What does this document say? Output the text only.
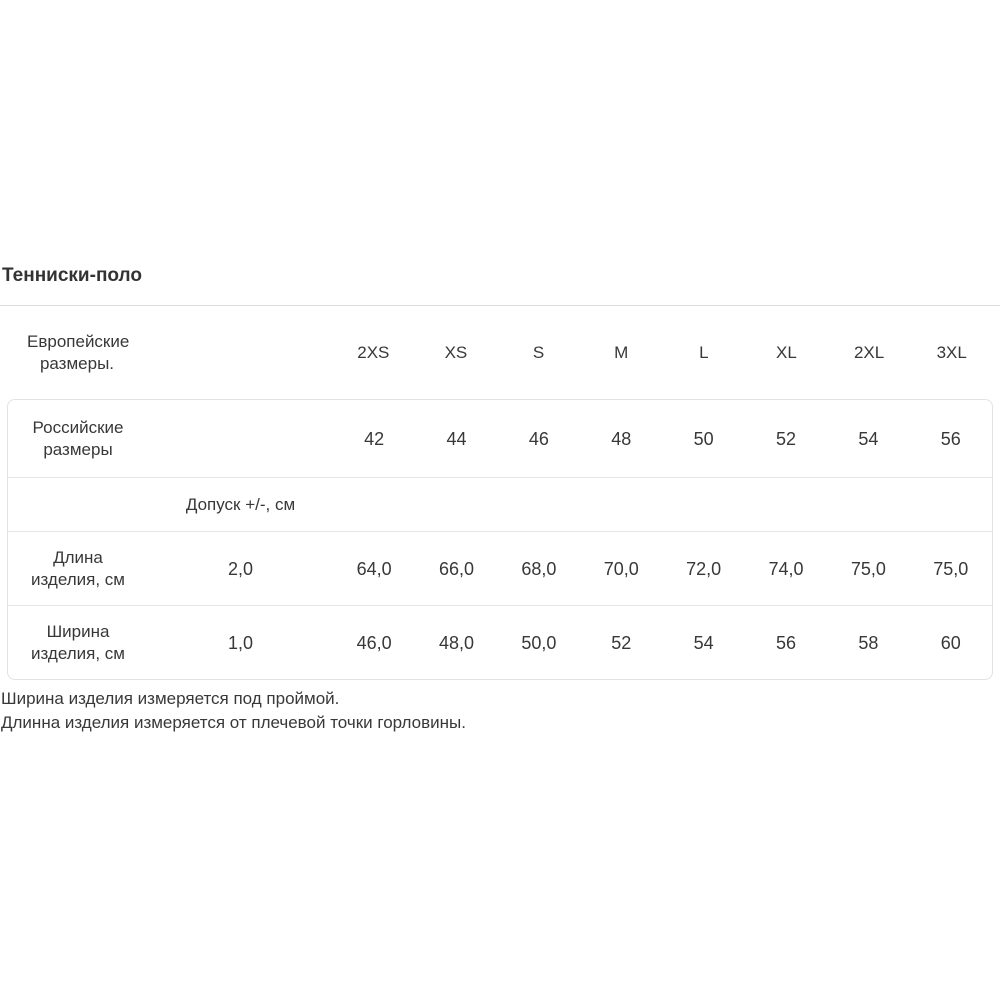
Тенниски-поло
Европейские размеры.
2XS	XS	S	M	L	XL	2XL	3XL
Российские размеры
42	44	46	48	50	52	54	56
Допуск +/-, см
Длина изделия, см
2,0	64,0	66,0	68,0	70,0	72,0	74,0	75,0	75,0
Ширина изделия, см
1,0	46,0	48,0	50,0	52	54	56	58	60
Ширина изделия измеряется под проймой.
Длинна изделия измеряется от плечевой точки горловины.
